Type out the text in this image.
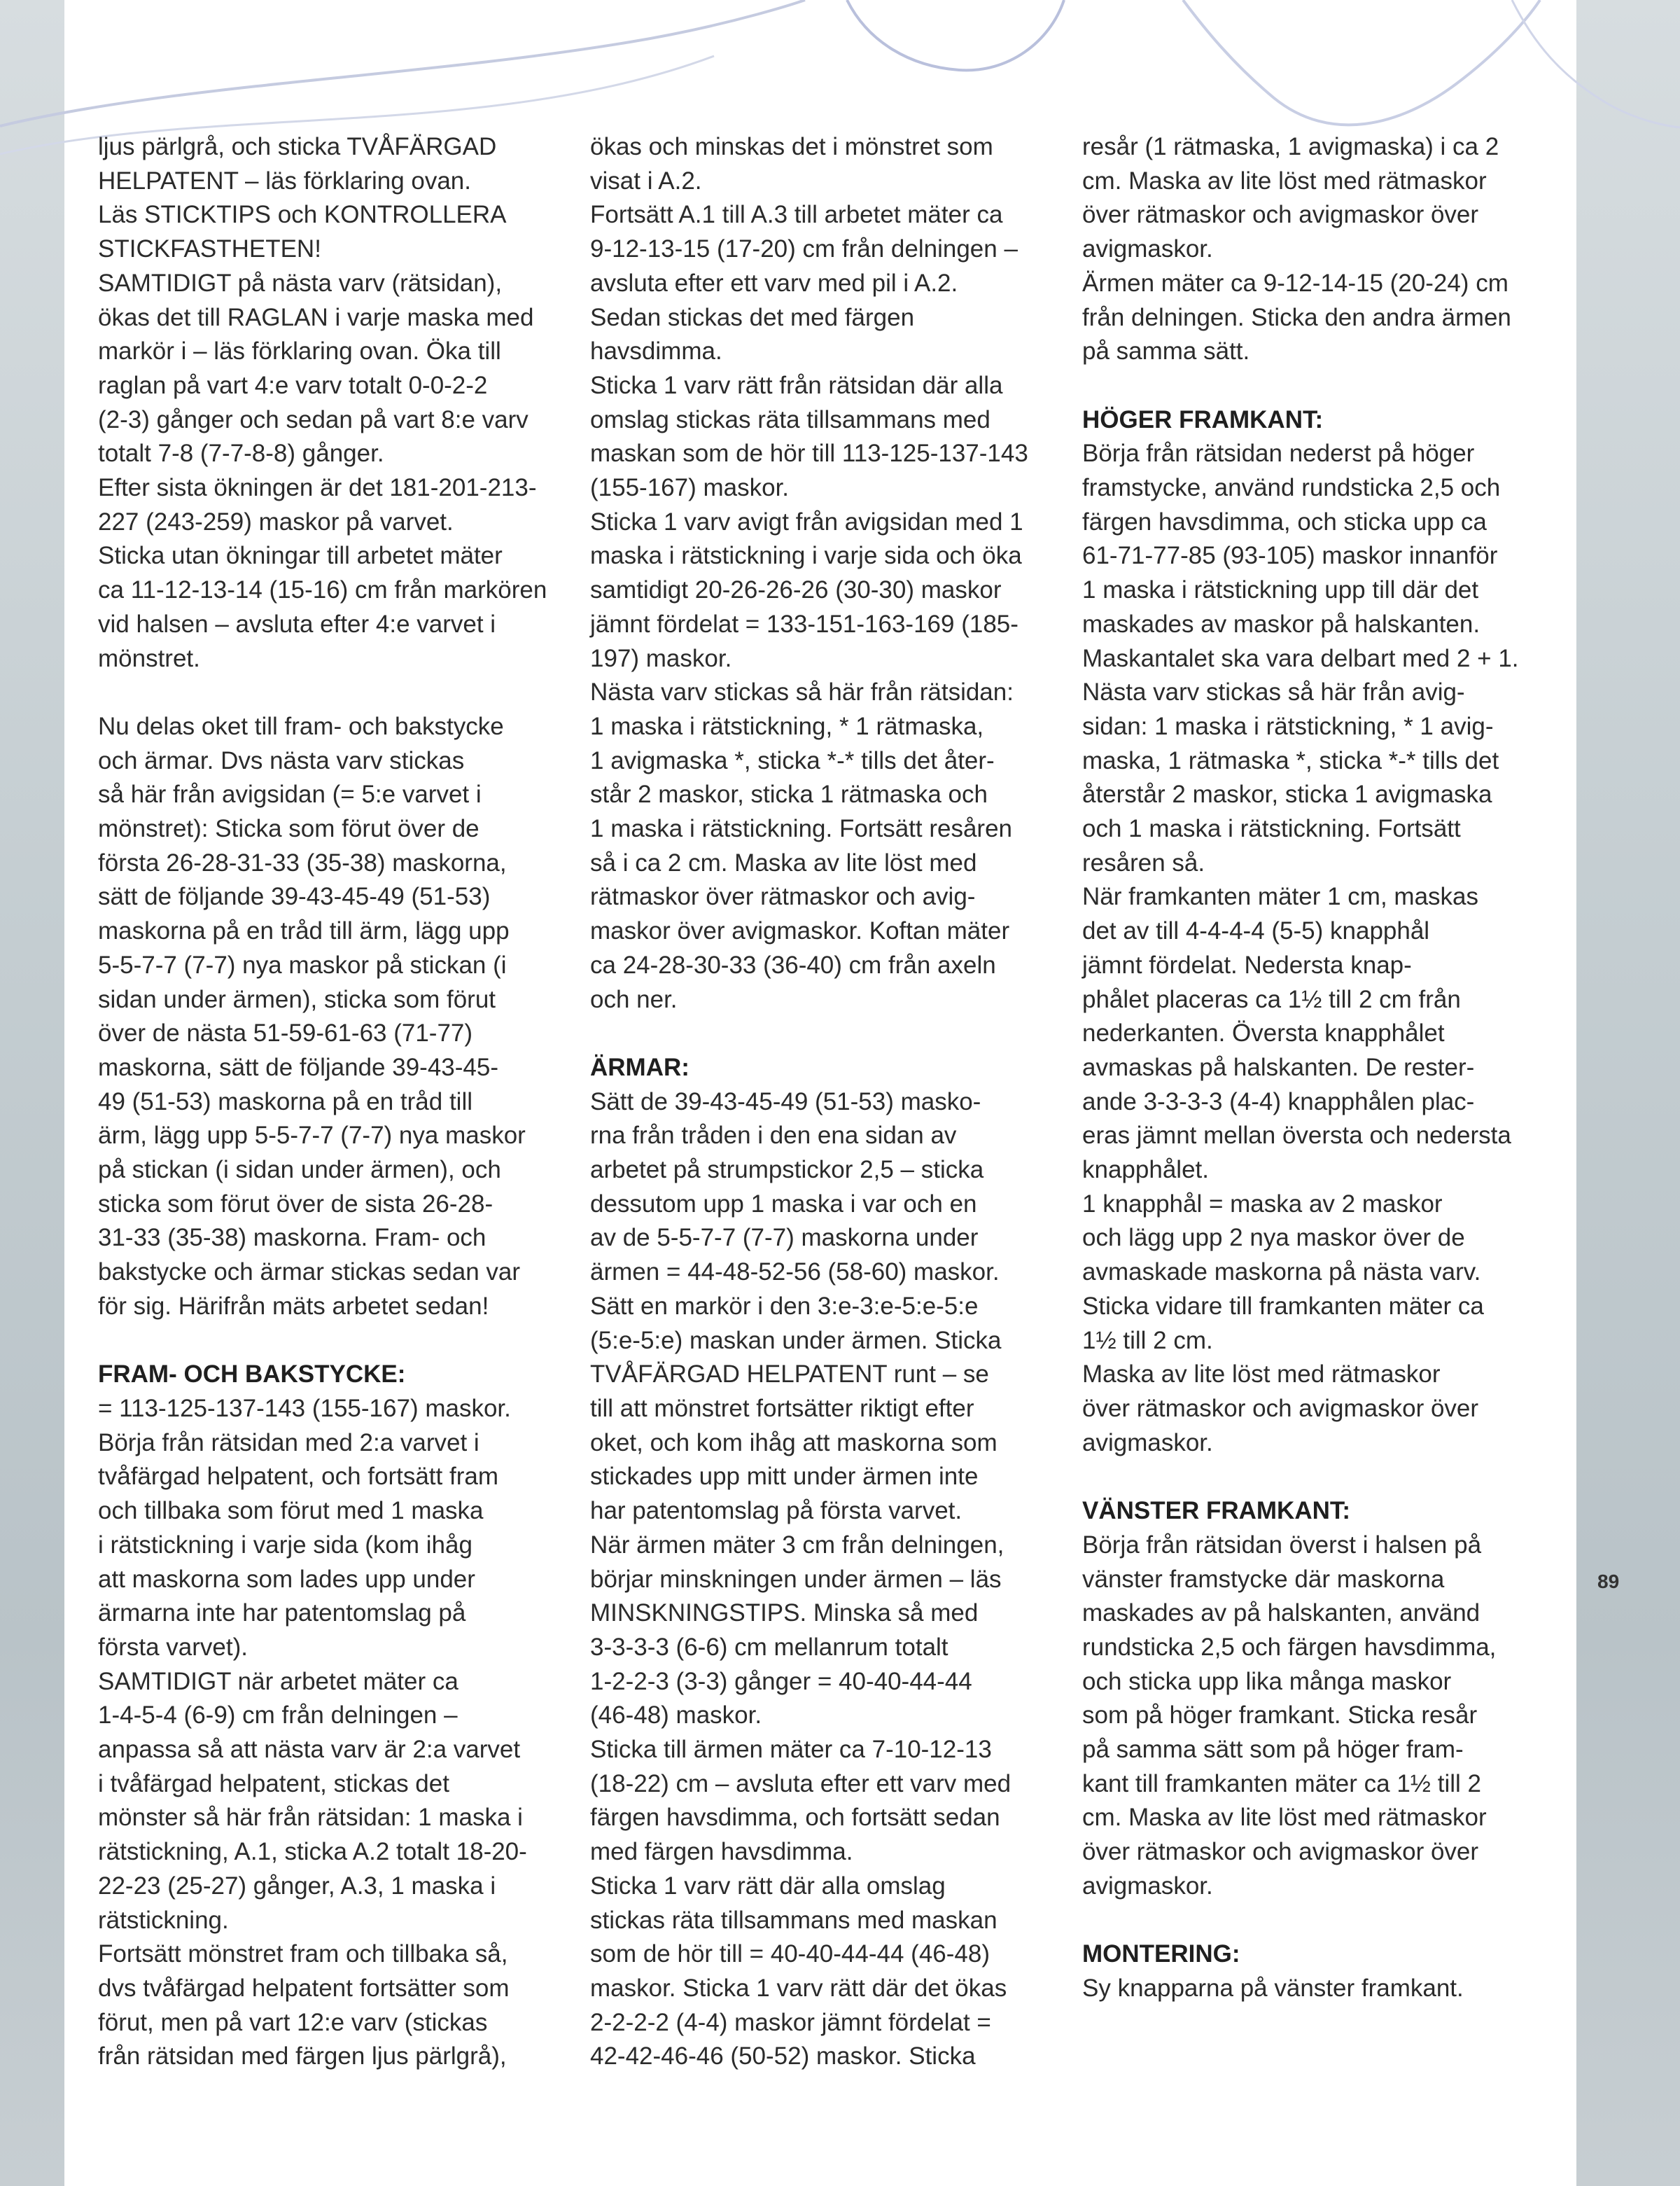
ljus pärlgrå, och sticka TVÅFÄRGAD
HELPATENT – läs förklaring ovan.
Läs STICKTIPS och KONTROLLERA
STICKFASTHETEN!
SAMTIDIGT på nästa varv (rätsidan),
ökas det till RAGLAN i varje maska med
markör i – läs förklaring ovan. Öka till
raglan på vart 4:e varv totalt 0-0-2-2
(2-3) gånger och sedan på vart 8:e varv
totalt 7-8 (7-7-8-8) gånger.
Efter sista ökningen är det 181-201-213-
227 (243-259) maskor på varvet.
Sticka utan ökningar till arbetet mäter
ca 11-12-13-14 (15-16) cm från markören
vid halsen – avsluta efter 4:e varvet i
mönstret.

Nu delas oket till fram- och bakstycke
och ärmar. Dvs nästa varv stickas
så här från avigsidan (= 5:e varvet i
mönstret): Sticka som förut över de
första 26-28-31-33 (35-38) maskorna,
sätt de följande 39-43-45-49 (51-53)
maskorna på en tråd till ärm, lägg upp
5-5-7-7 (7-7) nya maskor på stickan (i
sidan under ärmen), sticka som förut
över de nästa 51-59-61-63 (71-77)
maskorna, sätt de följande 39-43-45-
49 (51-53) maskorna på en tråd till
ärm, lägg upp 5-5-7-7 (7-7) nya maskor
på stickan (i sidan under ärmen), och
sticka som förut över de sista 26-28-
31-33 (35-38) maskorna. Fram- och
bakstycke och ärmar stickas sedan var
för sig. Härifrån mäts arbetet sedan!

FRAM- OCH BAKSTYCKE:

= 113-125-137-143 (155-167) maskor.
Börja från rätsidan med 2:a varvet i
tvåfärgad helpatent, och fortsätt fram
och tillbaka som förut med 1 maska
i rätstickning i varje sida (kom ihåg
att maskorna som lades upp under
ärmarna inte har patentomslag på
första varvet).
SAMTIDIGT när arbetet mäter ca
1-4-5-4 (6-9) cm från delningen –
anpassa så att nästa varv är 2:a varvet
i tvåfärgad helpatent, stickas det
mönster så här från rätsidan: 1 maska i
rätstickning, A.1, sticka A.2 totalt 18-20-
22-23 (25-27) gånger, A.3, 1 maska i
rätstickning.
Fortsätt mönstret fram och tillbaka så,
dvs tvåfärgad helpatent fortsätter som
förut, men på vart 12:e varv (stickas
från rätsidan med färgen ljus pärlgrå),

ökas och minskas det i mönstret som
visat i A.2.
Fortsätt A.1 till A.3 till arbetet mäter ca
9-12-13-15 (17-20) cm från delningen –
avsluta efter ett varv med pil i A.2.
Sedan stickas det med färgen
havsdimma.
Sticka 1 varv rätt från rätsidan där alla
omslag stickas räta tillsammans med
maskan som de hör till 113-125-137-143
(155-167) maskor.
Sticka 1 varv avigt från avigsidan med 1
maska i rätstickning i varje sida och öka
samtidigt 20-26-26-26 (30-30) maskor
jämnt fördelat = 133-151-163-169 (185-
197) maskor.
Nästa varv stickas så här från rätsidan:
1 maska i rätstickning, * 1 rätmaska,
1 avigmaska *, sticka *-* tills det åter-
står 2 maskor, sticka 1 rätmaska och
1 maska i rätstickning. Fortsätt resåren
så i ca 2 cm. Maska av lite löst med
rätmaskor över rätmaskor och avig-
maskor över avigmaskor. Koftan mäter
ca 24-28-30-33 (36-40) cm från axeln
och ner.

ÄRMAR:

Sätt de 39-43-45-49 (51-53) masko-
rna från tråden i den ena sidan av
arbetet på strumpstickor 2,5 – sticka
dessutom upp 1 maska i var och en
av de 5-5-7-7 (7-7) maskorna under
ärmen = 44-48-52-56 (58-60) maskor.
Sätt en markör i den 3:e-3:e-5:e-5:e
(5:e-5:e) maskan under ärmen. Sticka
TVÅFÄRGAD HELPATENT runt – se
till att mönstret fortsätter riktigt efter
oket, och kom ihåg att maskorna som
stickades upp mitt under ärmen inte
har patentomslag på första varvet.
När ärmen mäter 3 cm från delningen,
börjar minskningen under ärmen – läs
MINSKNINGSTIPS. Minska så med
3-3-3-3 (6-6) cm mellanrum totalt
1-2-2-3 (3-3) gånger = 40-40-44-44
(46-48) maskor.
Sticka till ärmen mäter ca 7-10-12-13
(18-22) cm – avsluta efter ett varv med
färgen havsdimma, och fortsätt sedan
med färgen havsdimma.
Sticka 1 varv rätt där alla omslag
stickas räta tillsammans med maskan
som de hör till = 40-40-44-44 (46-48)
maskor. Sticka 1 varv rätt där det ökas
2-2-2-2 (4-4) maskor jämnt fördelat =
42-42-46-46 (50-52) maskor. Sticka

resår (1 rätmaska, 1 avigmaska) i ca 2
cm. Maska av lite löst med rätmaskor
över rätmaskor och avigmaskor över
avigmaskor.
Ärmen mäter ca 9-12-14-15 (20-24) cm
från delningen. Sticka den andra ärmen
på samma sätt.

HÖGER FRAMKANT:

Börja från rätsidan nederst på höger
framstycke, använd rundsticka 2,5 och
färgen havsdimma, och sticka upp ca
61-71-77-85 (93-105) maskor innanför
1 maska i rätstickning upp till där det
maskades av maskor på halskanten.
Maskantalet ska vara delbart med 2 + 1.
Nästa varv stickas så här från avig-
sidan: 1 maska i rätstickning, * 1 avig-
maska, 1 rätmaska *, sticka *-* tills det
återstår 2 maskor, sticka 1 avigmaska
och 1 maska i rätstickning. Fortsätt
resåren så.
När framkanten mäter 1 cm, maskas
det av till 4-4-4-4 (5-5) knapphål
jämnt fördelat. Nedersta knap-
phålet placeras ca 1½ till 2 cm från
nederkanten. Översta knapphålet
avmaskas på halskanten. De rester-
ande 3-3-3-3 (4-4) knapphålen plac-
eras jämnt mellan översta och nedersta
knapphålet.
1 knapphål = maska av 2 maskor
och lägg upp 2 nya maskor över de
avmaskade maskorna på nästa varv.
Sticka vidare till framkanten mäter ca
1½ till 2 cm.
Maska av lite löst med rätmaskor
över rätmaskor och avigmaskor över
avigmaskor.

VÄNSTER FRAMKANT:

Börja från rätsidan överst i halsen på
vänster framstycke där maskorna
maskades av på halskanten, använd
rundsticka 2,5 och färgen havsdimma,
och sticka upp lika många maskor
som på höger framkant. Sticka resår
på samma sätt som på höger fram-
kant till framkanten mäter ca 1½ till 2
cm. Maska av lite löst med rätmaskor
över rätmaskor och avigmaskor över
avigmaskor.

MONTERING:

Sy knapparna på vänster framkant.

89
